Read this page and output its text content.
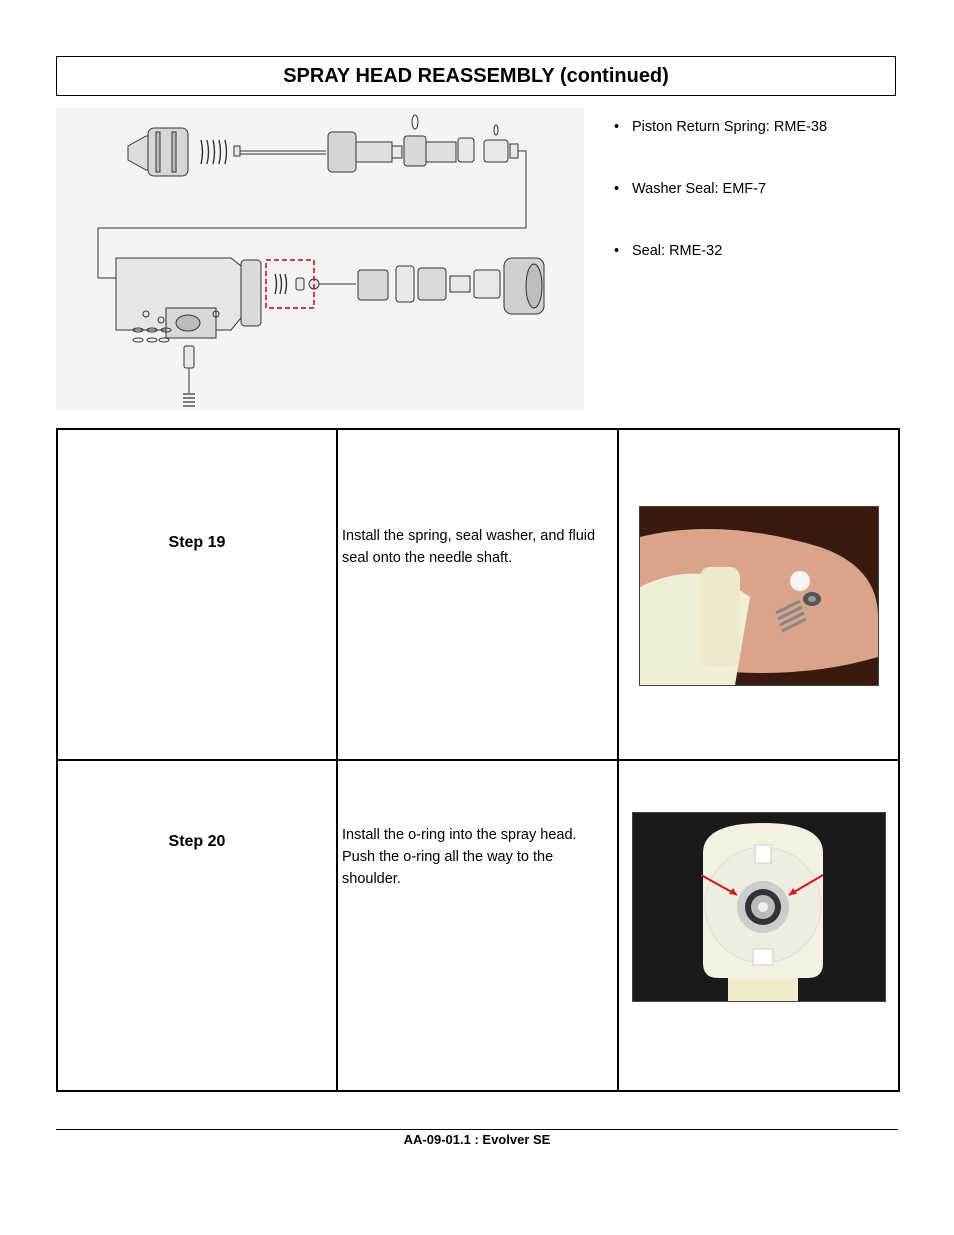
SPRAY HEAD REASSEMBLY (continued)
• Piston Return Spring: RME-38
• Washer Seal: EMF-7
• Seal: RME-32
Step 19	Install the spring, seal washer, and fluid seal onto the needle shaft.

Step 20	Install the o-ring into the spray head. Push the o-ring all the way to the shoulder.

AA-09-01.1 : Evolver SE
